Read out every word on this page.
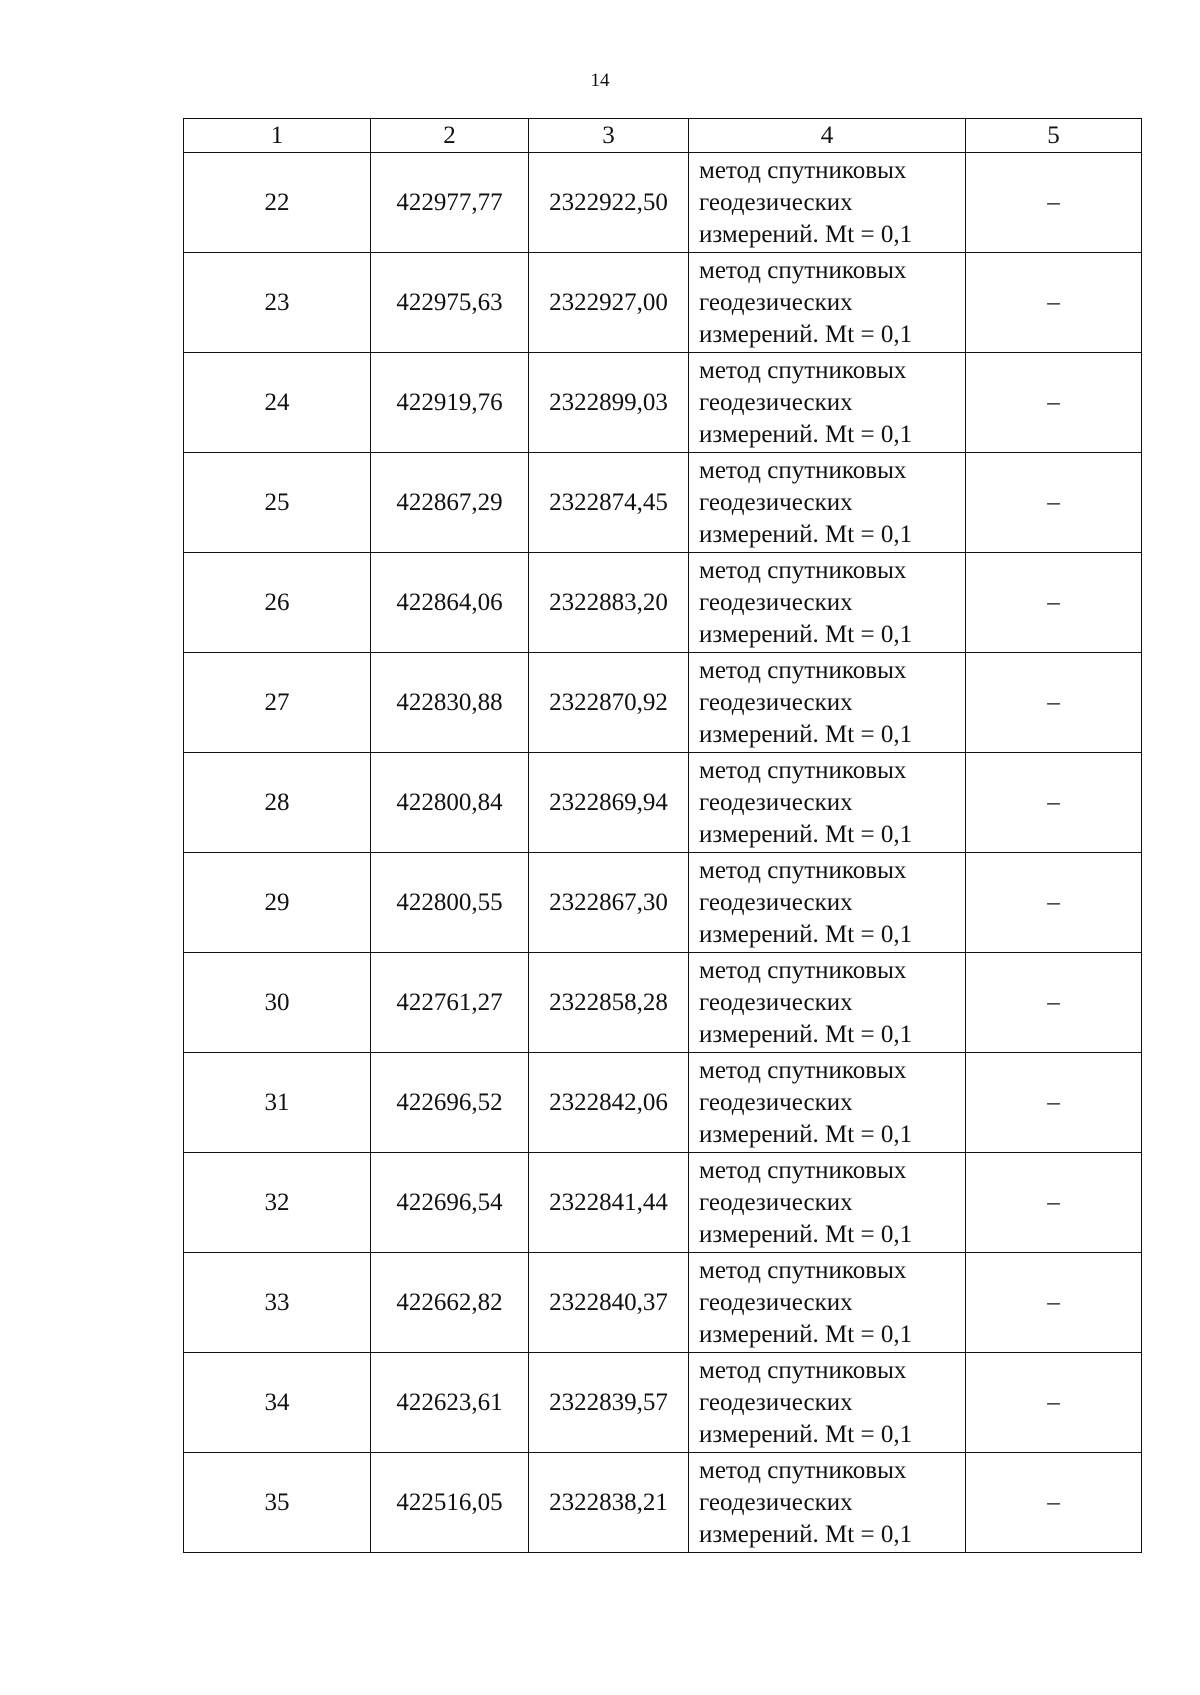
14
1	2	3	4	5
22	422977,77	2322922,50	метод спутниковых
геодезических
измерений. Mt = 0,1	–
23	422975,63	2322927,00	метод спутниковых
геодезических
измерений. Mt = 0,1	–
24	422919,76	2322899,03	метод спутниковых
геодезических
измерений. Mt = 0,1	–
25	422867,29	2322874,45	метод спутниковых
геодезических
измерений. Mt = 0,1	–
26	422864,06	2322883,20	метод спутниковых
геодезических
измерений. Mt = 0,1	–
27	422830,88	2322870,92	метод спутниковых
геодезических
измерений. Mt = 0,1	–
28	422800,84	2322869,94	метод спутниковых
геодезических
измерений. Mt = 0,1	–
29	422800,55	2322867,30	метод спутниковых
геодезических
измерений. Mt = 0,1	–
30	422761,27	2322858,28	метод спутниковых
геодезических
измерений. Mt = 0,1	–
31	422696,52	2322842,06	метод спутниковых
геодезических
измерений. Mt = 0,1	–
32	422696,54	2322841,44	метод спутниковых
геодезических
измерений. Mt = 0,1	–
33	422662,82	2322840,37	метод спутниковых
геодезических
измерений. Mt = 0,1	–
34	422623,61	2322839,57	метод спутниковых
геодезических
измерений. Mt = 0,1	–
35	422516,05	2322838,21	метод спутниковых
геодезических
измерений. Mt = 0,1	–
